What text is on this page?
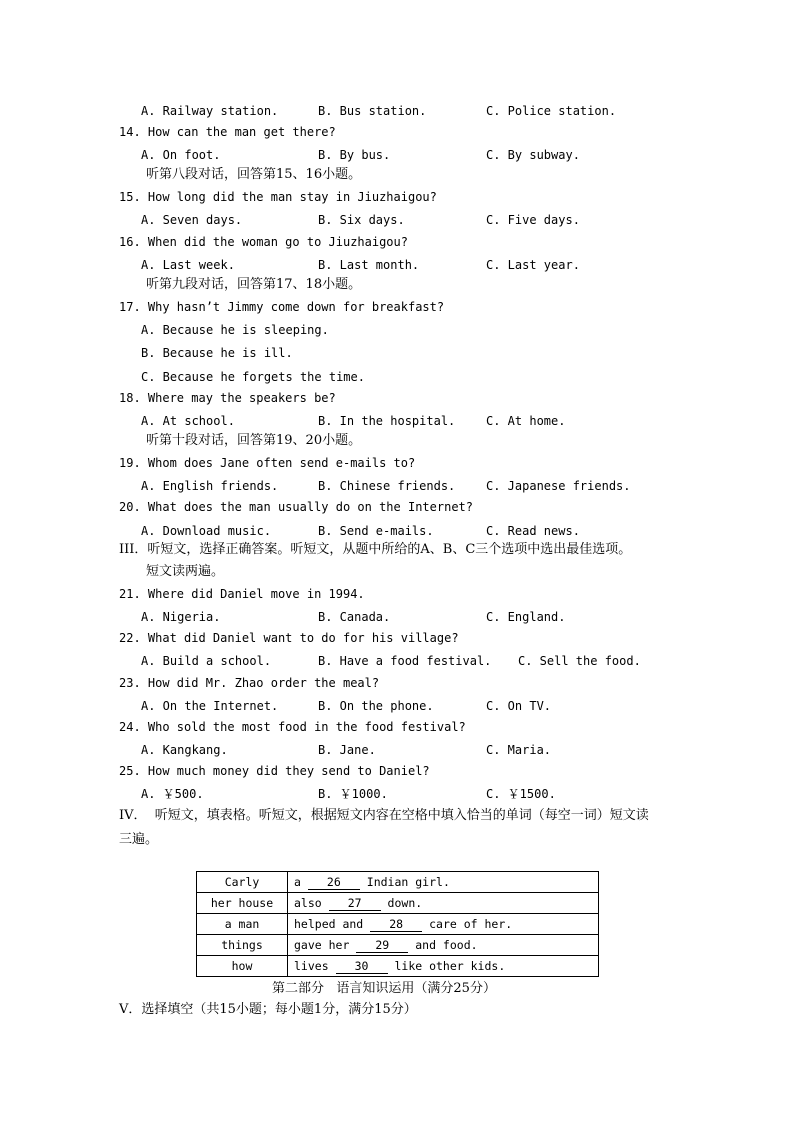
A. Railway station.	B. Bus station.	C. Police station.
14. How can the man get there?
A. On foot.	B. By bus.	C. By subway.
听第八段对话，回答第15、16小题。
15. How long did the man stay in Jiuzhaigou?
A. Seven days.	B. Six days.	C. Five days.
16. When did the woman go to Jiuzhaigou?
A. Last week.	B. Last month.	C. Last year.
听第九段对话，回答第17、18小题。
17. Why hasn’t Jimmy come down for breakfast?
A. Because he is sleeping.
B. Because he is ill.
C. Because he forgets the time.
18. Where may the speakers be?
A. At school.	B. In the hospital.	C. At home.
听第十段对话，回答第19、20小题。
19. Whom does Jane often send e-mails to?
A. English friends.	B. Chinese friends.	C. Japanese friends.
20. What does the man usually do on the Internet?
A. Download music.	B. Send e-mails.	C. Read news.
III．听短文，选择正确答案。听短文，从题中所给的A、B、C三个选项中选出最佳选项。
短文读两遍。
21. Where did Daniel move in 1994.
A. Nigeria.	B. Canada.	C. England.
22. What did Daniel want to do for his village?
A. Build a school.	B. Have a food festival. C. Sell the food.
23. How did Mr. Zhao order the meal?
A. On the Internet.	B. On the phone.	C. On TV.
24. Who sold the most food in the food festival?
A. Kangkang.	B. Jane.	C. Maria.
25. How much money did they send to Daniel?
A. ￥500.	B. ￥1000.	C. ￥1500.
IV．  听短文，填表格。听短文，根据短文内容在空格中填入恰当的单词（每空一词）短文读
三遍。
Carly	a 26 Indian girl.
her house	also 27 down.
a man	helped and 28 care of her.
things	gave her 29 and food.
how	lives 30 like other kids.
第二部分   语言知识运用（满分25分）
V．选择填空（共15小题；每小题1分，满分15分）
